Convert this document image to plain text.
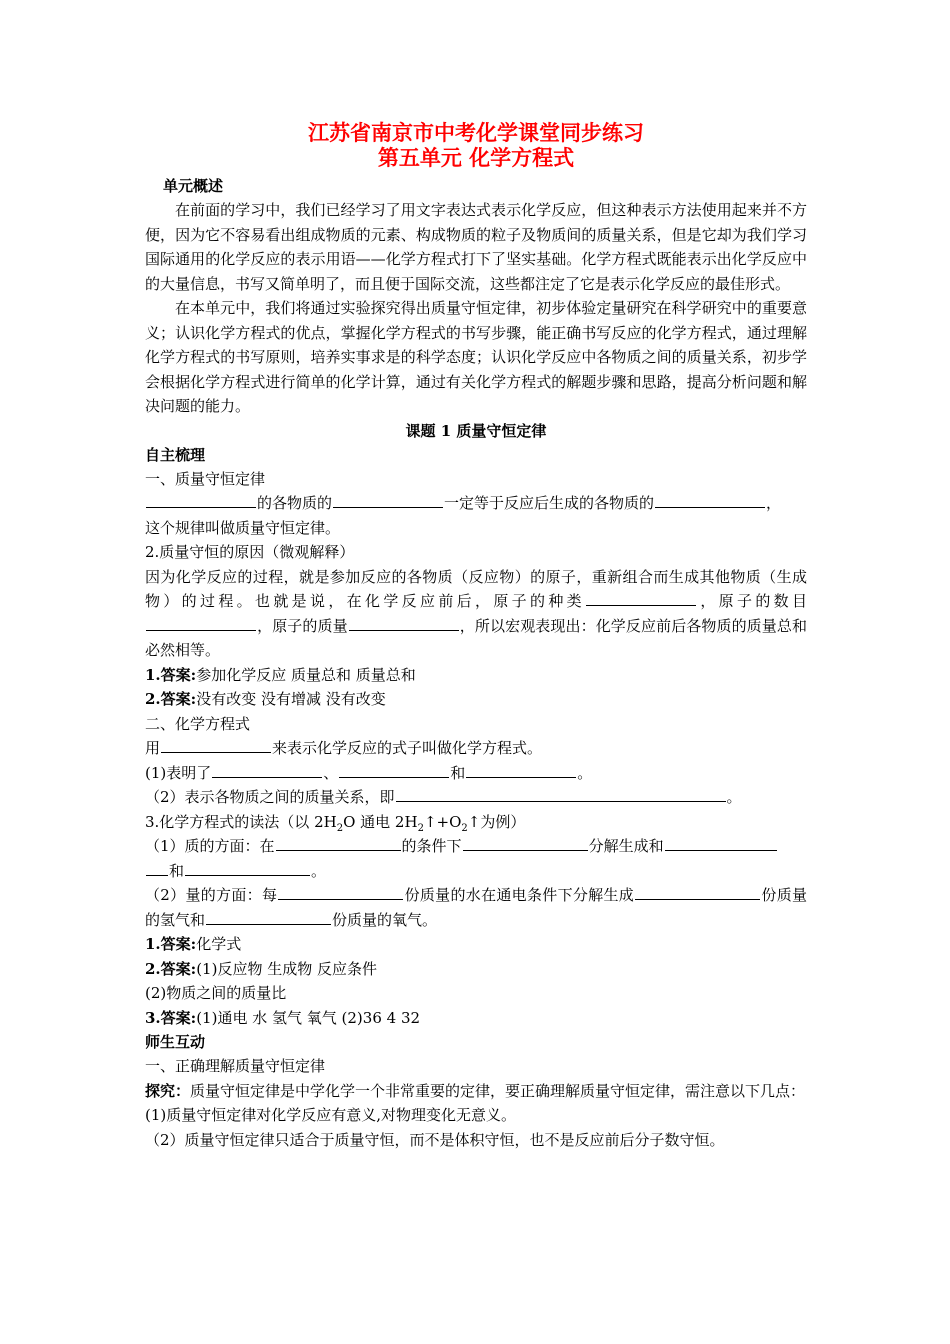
江苏省南京市中考化学课堂同步练习
第五单元 化学方程式
单元概述

在前面的学习中，我们已经学习了用文字表达式表示化学反应，但这种表示方法使用起来并不方便，因为它不容易看出组成物质的元素、构成物质的粒子及物质间的质量关系，但是它却为我们学习国际通用的化学反应的表示用语——化学方程式打下了坚实基础。化学方程式既能表示出化学反应中的大量信息，书写又简单明了，而且便于国际交流，这些都注定了它是表示化学反应的最佳形式。

在本单元中，我们将通过实验探究得出质量守恒定律，初步体验定量研究在科学研究中的重要意义；认识化学方程式的优点，掌握化学方程式的书写步骤，能正确书写反应的化学方程式，通过理解化学方程式的书写原则，培养实事求是的科学态度；认识化学反应中各物质之间的质量关系，初步学会根据化学方程式进行简单的化学计算，通过有关化学方程式的解题步骤和思路，提高分析问题和解决问题的能力。

课题 1 质量守恒定律
自主梳理

一、质量守恒定律

的各物质的	一定等于反应后生成的各物质的	，
这个规律叫做质量守恒定律。

2.质量守恒的原因（微观解释）

因为化学反应的过程，就是参加反应的各物质（反应物）的原子，重新组合而生成其他物质（生成物）的过程。也就是说，在化学反应前后，原子的种类	，原子的数目，原子的质量	，所以宏观表现出：化学反应前后各物质的质量总和必然相等。

1.答案:参加化学反应 质量总和 质量总和

2.答案:没有改变 没有增减 没有改变

二、化学方程式

用	来表示化学反应的式子叫做化学方程式。

(1)表明了	、	和	。

（2）表示各物质之间的质量关系，即	。

3.化学方程式的读法（以 $2H_2O$ 通电 $2H_2↑+O_2↑$为例）

（1）质的方面：在	的条件下	分解生成和
和	。

（2）量的方面：每	份质量的水在通电条件下分解生成	份质量的氢气和	份质量的氧气。

1.答案:化学式

2.答案:(1)反应物 生成物 反应条件

(2)物质之间的质量比

3.答案:(1)通电 水 氢气 氧气 (2)36 4 32

师生互动

一、正确理解质量守恒定律

探究：质量守恒定律是中学化学一个非常重要的定律，要正确理解质量守恒定律，需注意以下几点：

(1)质量守恒定律对化学反应有意义,对物理变化无意义。

（2）质量守恒定律只适合于质量守恒，而不是体积守恒，也不是反应前后分子数守恒。
